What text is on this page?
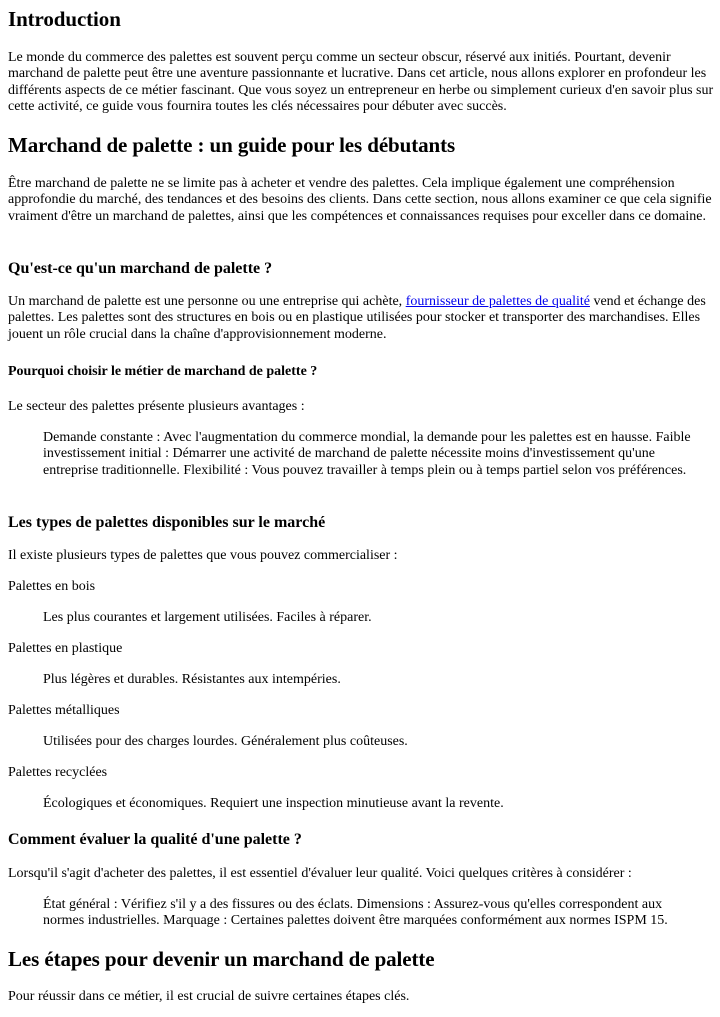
Introduction

Le monde du commerce des palettes est souvent perçu comme un secteur obscur, réservé aux initiés. Pourtant, devenir marchand de palette peut être une aventure passionnante et lucrative. Dans cet article, nous allons explorer en profondeur les différents aspects de ce métier fascinant. Que vous soyez un entrepreneur en herbe ou simplement curieux d'en savoir plus sur cette activité, ce guide vous fournira toutes les clés nécessaires pour débuter avec succès.

Marchand de palette : un guide pour les débutants

Être marchand de palette ne se limite pas à acheter et vendre des palettes. Cela implique également une compréhension approfondie du marché, des tendances et des besoins des clients. Dans cette section, nous allons examiner ce que cela signifie vraiment d'être un marchand de palettes, ainsi que les compétences et connaissances requises pour exceller dans ce domaine.

Qu'est-ce qu'un marchand de palette ?

Un marchand de palette est une personne ou une entreprise qui achète, fournisseur de palettes de qualité vend et échange des palettes. Les palettes sont des structures en bois ou en plastique utilisées pour stocker et transporter des marchandises. Elles jouent un rôle crucial dans la chaîne d'approvisionnement moderne.

Pourquoi choisir le métier de marchand de palette ?

Le secteur des palettes présente plusieurs avantages :

Demande constante : Avec l'augmentation du commerce mondial, la demande pour les palettes est en hausse. Faible investissement initial : Démarrer une activité de marchand de palette nécessite moins d'investissement qu'une entreprise traditionnelle. Flexibilité : Vous pouvez travailler à temps plein ou à temps partiel selon vos préférences.
Les types de palettes disponibles sur le marché

Il existe plusieurs types de palettes que vous pouvez commercialiser :

Palettes en bois
Les plus courantes et largement utilisées. Faciles à réparer.
Palettes en plastique
Plus légères et durables. Résistantes aux intempéries.
Palettes métalliques
Utilisées pour des charges lourdes. Généralement plus coûteuses.
Palettes recyclées
Écologiques et économiques. Requiert une inspection minutieuse avant la revente.
Comment évaluer la qualité d'une palette ?

Lorsqu'il s'agit d'acheter des palettes, il est essentiel d'évaluer leur qualité. Voici quelques critères à considérer :

État général : Vérifiez s'il y a des fissures ou des éclats. Dimensions : Assurez-vous qu'elles correspondent aux normes industrielles. Marquage : Certaines palettes doivent être marquées conformément aux normes ISPM 15.
Les étapes pour devenir un marchand de palette

Pour réussir dans ce métier, il est crucial de suivre certaines étapes clés.
